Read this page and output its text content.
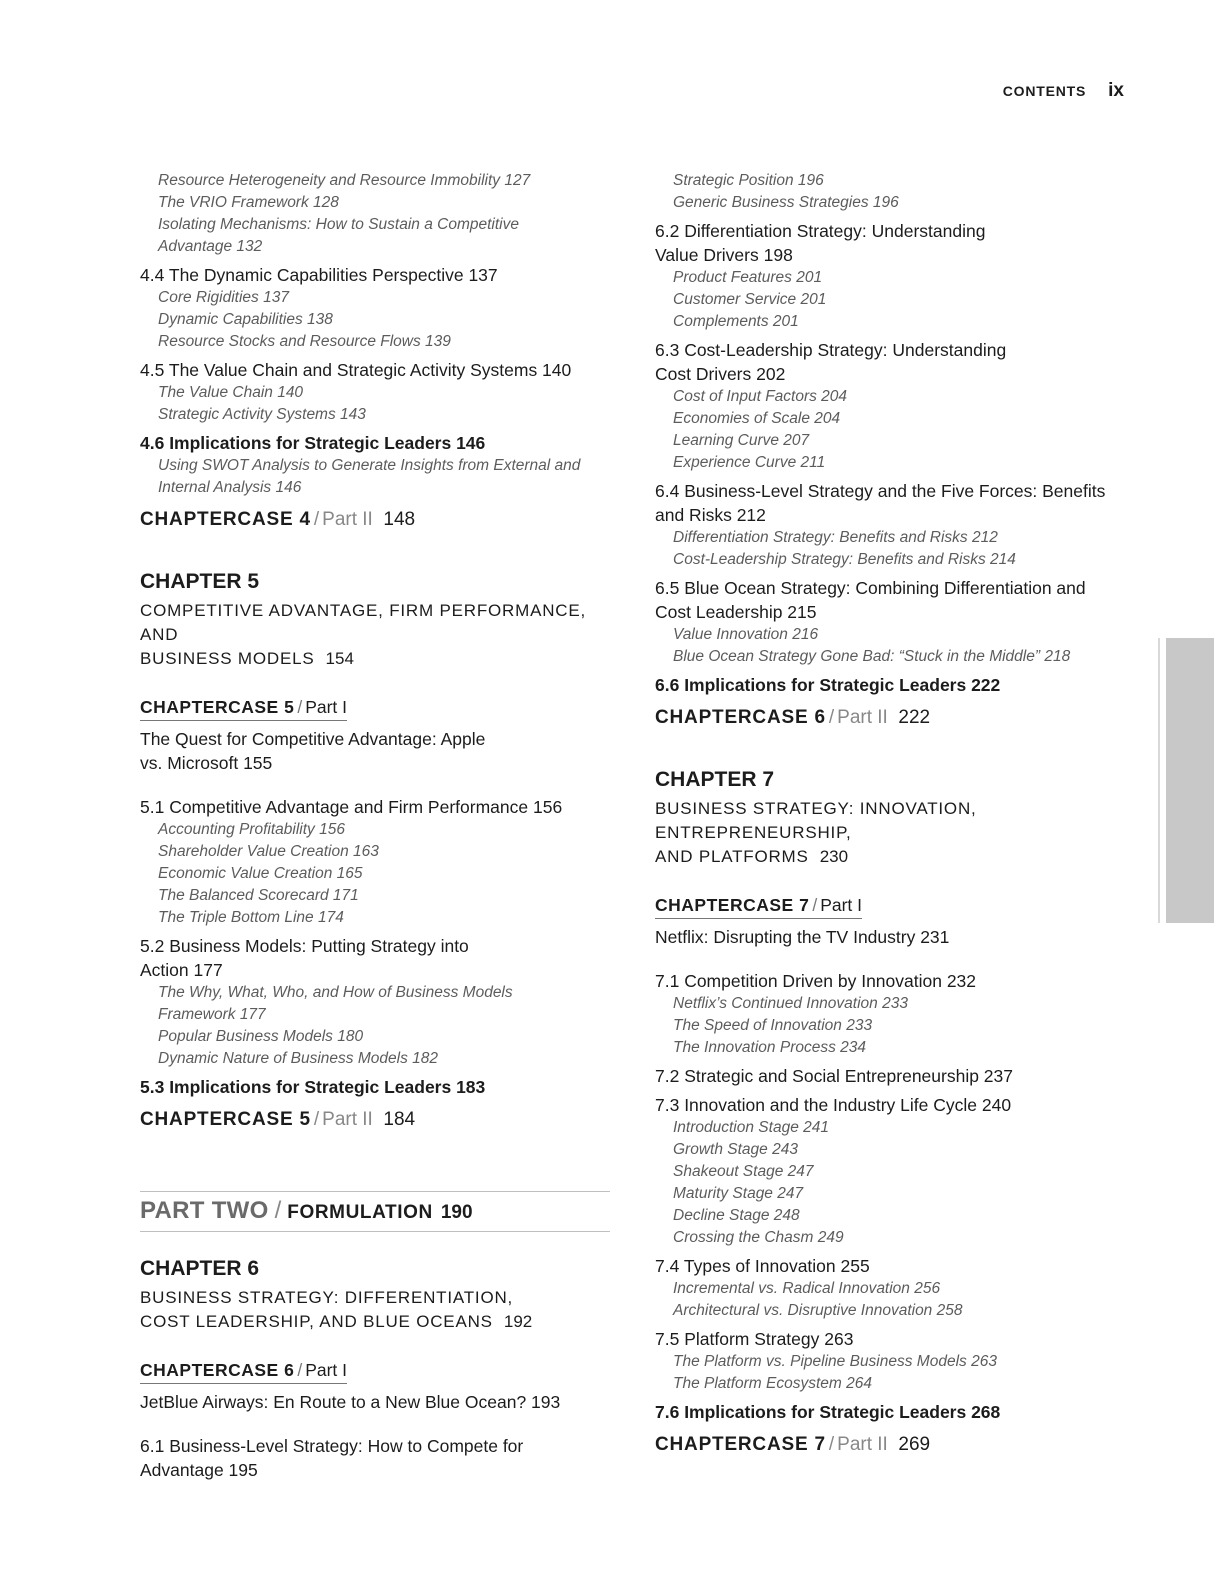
CONTENTS ix

Resource Heterogeneity and Resource Immobility 127

The VRIO Framework 128

Isolating Mechanisms: How to Sustain a Competitive

Advantage 132

4.4 The Dynamic Capabilities Perspective 137

Core Rigidities 137

Dynamic Capabilities 138

Resource Stocks and Resource Flows 139

4.5 The Value Chain and Strategic Activity Systems 140

The Value Chain 140

Strategic Activity Systems 143

4.6 Implications for Strategic Leaders 146

Using SWOT Analysis to Generate Insights from External and

Internal Analysis 146

CHAPTERCASE 4 / Part II 148
CHAPTER 5
COMPETITIVE ADVANTAGE, FIRM PERFORMANCE, AND
BUSINESS MODELS 154
CHAPTERCASE 5 / Part I
The Quest for Competitive Advantage: Apple
vs. Microsoft 155
5.1 Competitive Advantage and Firm Performance 156

Accounting Profitability 156

Shareholder Value Creation 163

Economic Value Creation 165

The Balanced Scorecard 171

The Triple Bottom Line 174

5.2 Business Models: Putting Strategy into
Action 177

The Why, What, Who, and How of Business Models

Framework 177

Popular Business Models 180

Dynamic Nature of Business Models 182

5.3 Implications for Strategic Leaders 183
CHAPTERCASE 5 / Part II 184
PART TWO / FORMULATION 190
CHAPTER 6
BUSINESS STRATEGY: DIFFERENTIATION,
COST LEADERSHIP, AND BLUE OCEANS 192
CHAPTERCASE 6 / Part I
JetBlue Airways: En Route to a New Blue Ocean? 193
6.1 Business-Level Strategy: How to Compete for
Advantage 195

Strategic Position 196

Generic Business Strategies 196

6.2 Differentiation Strategy: Understanding
Value Drivers 198

Product Features 201

Customer Service 201

Complements 201

6.3 Cost-Leadership Strategy: Understanding
Cost Drivers 202

Cost of Input Factors 204

Economies of Scale 204

Learning Curve 207

Experience Curve 211

6.4 Business-Level Strategy and the Five Forces: Benefits
and Risks 212

Differentiation Strategy: Benefits and Risks 212

Cost-Leadership Strategy: Benefits and Risks 214

6.5 Blue Ocean Strategy: Combining Differentiation and
Cost Leadership 215

Value Innovation 216

Blue Ocean Strategy Gone Bad: “Stuck in the Middle” 218

6.6 Implications for Strategic Leaders 222
CHAPTERCASE 6 / Part II 222
CHAPTER 7
BUSINESS STRATEGY: INNOVATION, ENTREPRENEURSHIP,
AND PLATFORMS 230
CHAPTERCASE 7 / Part I
Netflix: Disrupting the TV Industry 231
7.1 Competition Driven by Innovation 232

Netflix’s Continued Innovation 233

The Speed of Innovation 233

The Innovation Process 234

7.2 Strategic and Social Entrepreneurship 237
7.3 Innovation and the Industry Life Cycle 240

Introduction Stage 241

Growth Stage 243

Shakeout Stage 247

Maturity Stage 247

Decline Stage 248

Crossing the Chasm 249

7.4 Types of Innovation 255

Incremental vs. Radical Innovation 256

Architectural vs. Disruptive Innovation 258

7.5 Platform Strategy 263

The Platform vs. Pipeline Business Models 263

The Platform Ecosystem 264

7.6 Implications for Strategic Leaders 268
CHAPTERCASE 7 / Part II 269
